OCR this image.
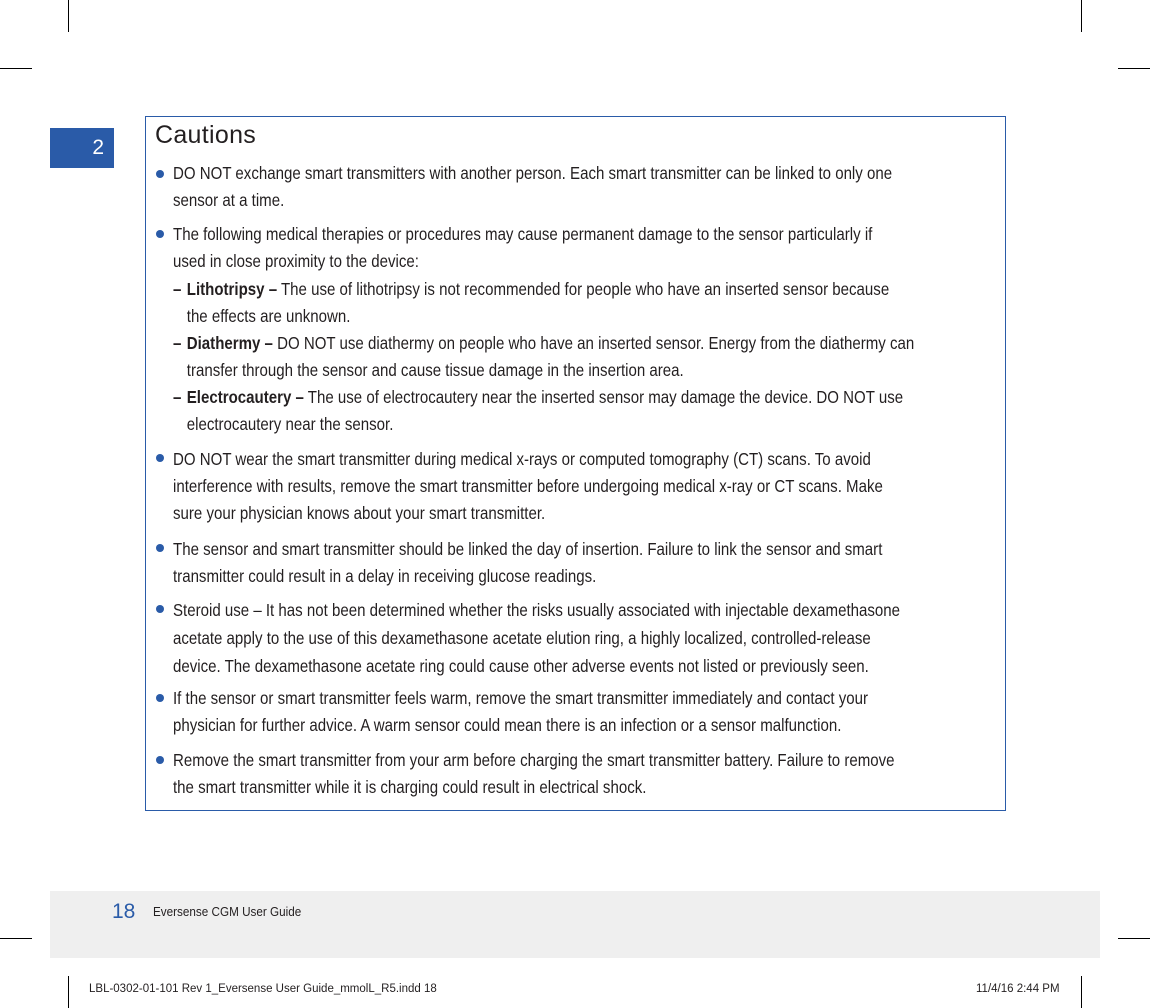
2 Cautions
DO NOT exchange smart transmitters with another person. Each smart transmitter can be linked to only one
sensor at a time.
The following medical therapies or procedures may cause permanent damage to the sensor particularly if
used in close proximity to the device:
– Lithotripsy – The use of lithotripsy is not recommended for people who have an inserted sensor because
the effects are unknown.
– Diathermy – DO NOT use diathermy on people who have an inserted sensor. Energy from the diathermy can
transfer through the sensor and cause tissue damage in the insertion area.
– Electrocautery – The use of electrocautery near the inserted sensor may damage the device. DO NOT use
electrocautery near the sensor.
DO NOT wear the smart transmitter during medical x-rays or computed tomography (CT) scans. To avoid
interference with results, remove the smart transmitter before undergoing medical x-ray or CT scans. Make
sure your physician knows about your smart transmitter.
The sensor and smart transmitter should be linked the day of insertion. Failure to link the sensor and smart
transmitter could result in a delay in receiving glucose readings.
Steroid use – It has not been determined whether the risks usually associated with injectable dexamethasone
acetate apply to the use of this dexamethasone acetate elution ring, a highly localized, controlled-release
device. The dexamethasone acetate ring could cause other adverse events not listed or previously seen.
If the sensor or smart transmitter feels warm, remove the smart transmitter immediately and contact your
physician for further advice. A warm sensor could mean there is an infection or a sensor malfunction.
Remove the smart transmitter from your arm before charging the smart transmitter battery. Failure to remove
the smart transmitter while it is charging could result in electrical shock.
18 Eversense CGM User Guide
LBL-0302-01-101 Rev 1_Eversense User Guide_mmolL_R5.indd 18	11/4/16 2:44 PM
